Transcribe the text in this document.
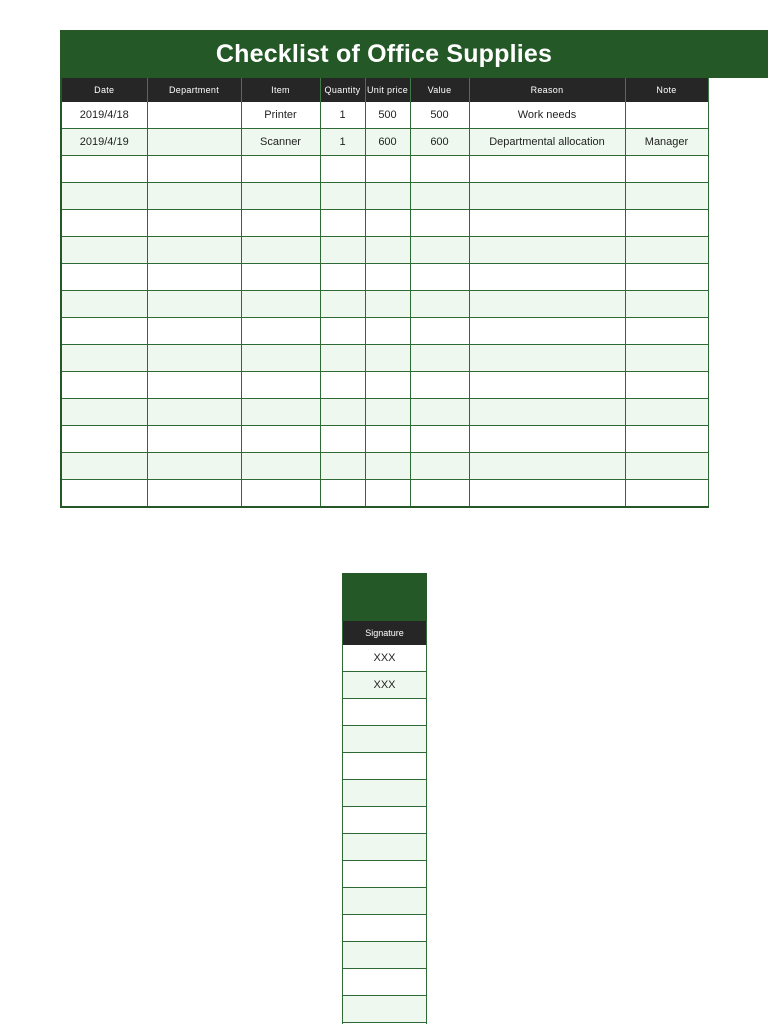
Checklist of Office Supplies
Date	Department	Item	Quantity	Unit price	Value	Reason	Note
2019/4/18		Printer	1	500	500	Work needs	
2019/4/19		Scanner	1	600	600	Departmental allocation	Manager

Signature
XXX
XXX
